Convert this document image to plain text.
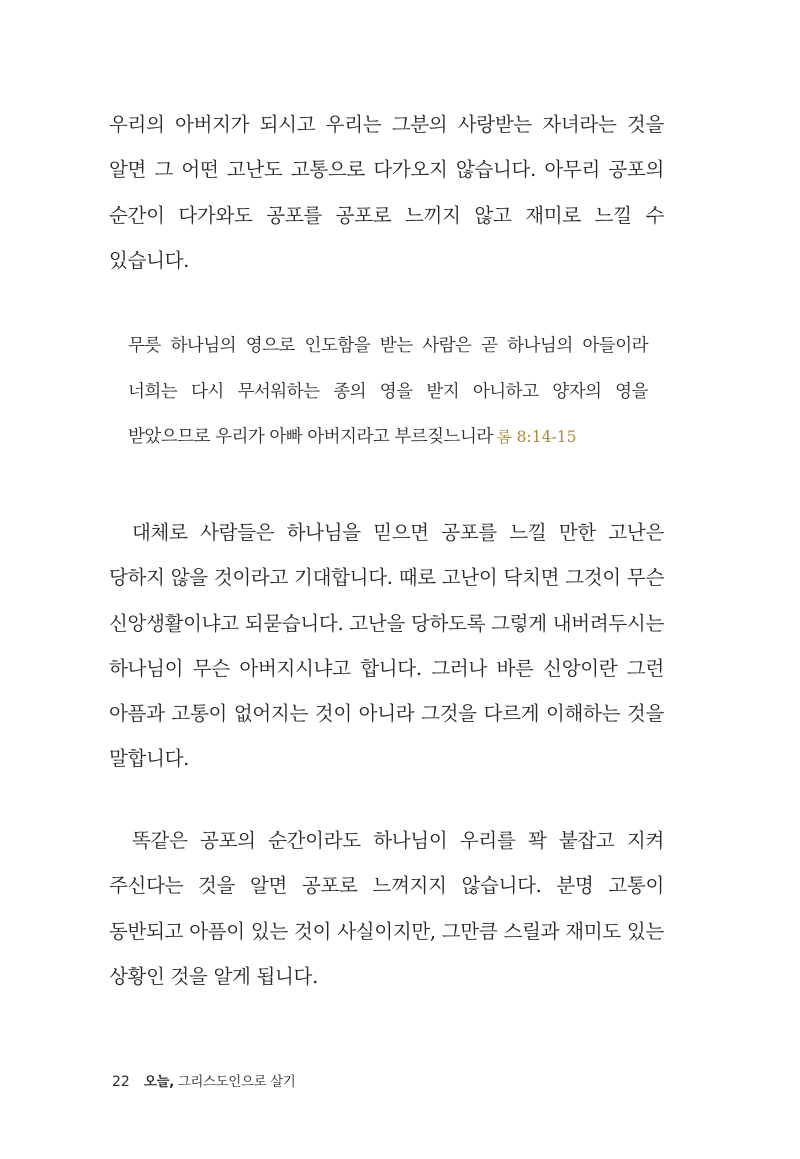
우리의 아버지가 되시고 우리는 그분의 사랑받는 자녀라는 것을 알면 그 어떤 고난도 고통으로 다가오지 않습니다. 아무리 공포의 순간이 다가와도 공포를 공포로 느끼지 않고 재미로 느낄 수 있습니다.

무릇 하나님의 영으로 인도함을 받는 사람은 곧 하나님의 아들이라 너희는 다시 무서워하는 종의 영을 받지 아니하고 양자의 영을 받았으므로 우리가 아빠 아버지라고 부르짖느니라 롬 8:14-15

대체로 사람들은 하나님을 믿으면 공포를 느낄 만한 고난은 당하지 않을 것이라고 기대합니다. 때로 고난이 닥치면 그것이 무슨 신앙생활이냐고 되묻습니다. 고난을 당하도록 그렇게 내버려두시는 하나님이 무슨 아버지시냐고 합니다. 그러나 바른 신앙이란 그런 아픔과 고통이 없어지는 것이 아니라 그것을 다르게 이해하는 것을 말합니다.

똑같은 공포의 순간이라도 하나님이 우리를 꽉 붙잡고 지켜 주신다는 것을 알면 공포로 느껴지지 않습니다. 분명 고통이 동반되고 아픔이 있는 것이 사실이지만, 그만큼 스릴과 재미도 있는 상황인 것을 알게 됩니다.

22 오늘, 그리스도인으로 살기
